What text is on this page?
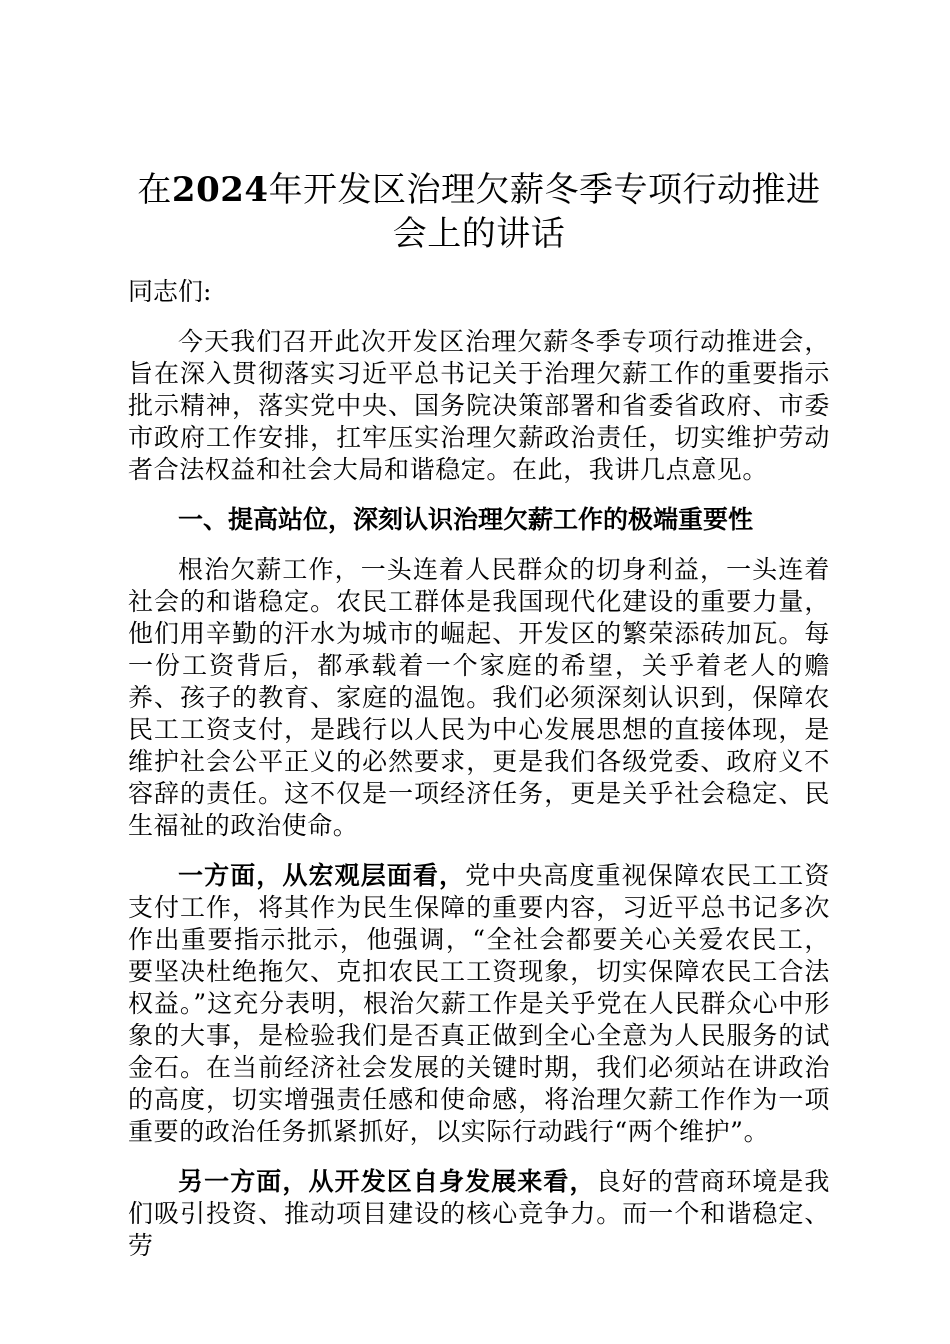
在2024年开发区治理欠薪冬季专项行动推进会上的讲话
同志们:
今天我们召开此次开发区治理欠薪冬季专项行动推进会，旨在深入贯彻落实习近平总书记关于治理欠薪工作的重要指示批示精神，落实党中央、国务院决策部署和省委省政府、市委市政府工作安排，扛牢压实治理欠薪政治责任，切实维护劳动者合法权益和社会大局和谐稳定。在此，我讲几点意见。
一、提高站位，深刻认识治理欠薪工作的极端重要性
根治欠薪工作，一头连着人民群众的切身利益，一头连着社会的和谐稳定。农民工群体是我国现代化建设的重要力量，他们用辛勤的汗水为城市的崛起、开发区的繁荣添砖加瓦。每一份工资背后，都承载着一个家庭的希望，关乎着老人的赡养、孩子的教育、家庭的温饱。我们必须深刻认识到，保障农民工工资支付，是践行以人民为中心发展思想的直接体现，是维护社会公平正义的必然要求，更是我们各级党委、政府义不容辞的责任。这不仅是一项经济任务，更是关乎社会稳定、民生福祉的政治使命。
一方面，从宏观层面看，党中央高度重视保障农民工工资支付工作，将其作为民生保障的重要内容，习近平总书记多次作出重要指示批示，他强调，“全社会都要关心关爱农民工，要坚决杜绝拖欠、克扣农民工工资现象，切实保障农民工合法权益。”这充分表明，根治欠薪工作是关乎党在人民群众心中形象的大事，是检验我们是否真正做到全心全意为人民服务的试金石。在当前经济社会发展的关键时期，我们必须站在讲政治的高度，切实增强责任感和使命感，将治理欠薪工作作为一项重要的政治任务抓紧抓好，以实际行动践行“两个维护”。
另一方面，从开发区自身发展来看，良好的营商环境是我们吸引投资、推动项目建设的核心竞争力。而一个和谐稳定、劳
